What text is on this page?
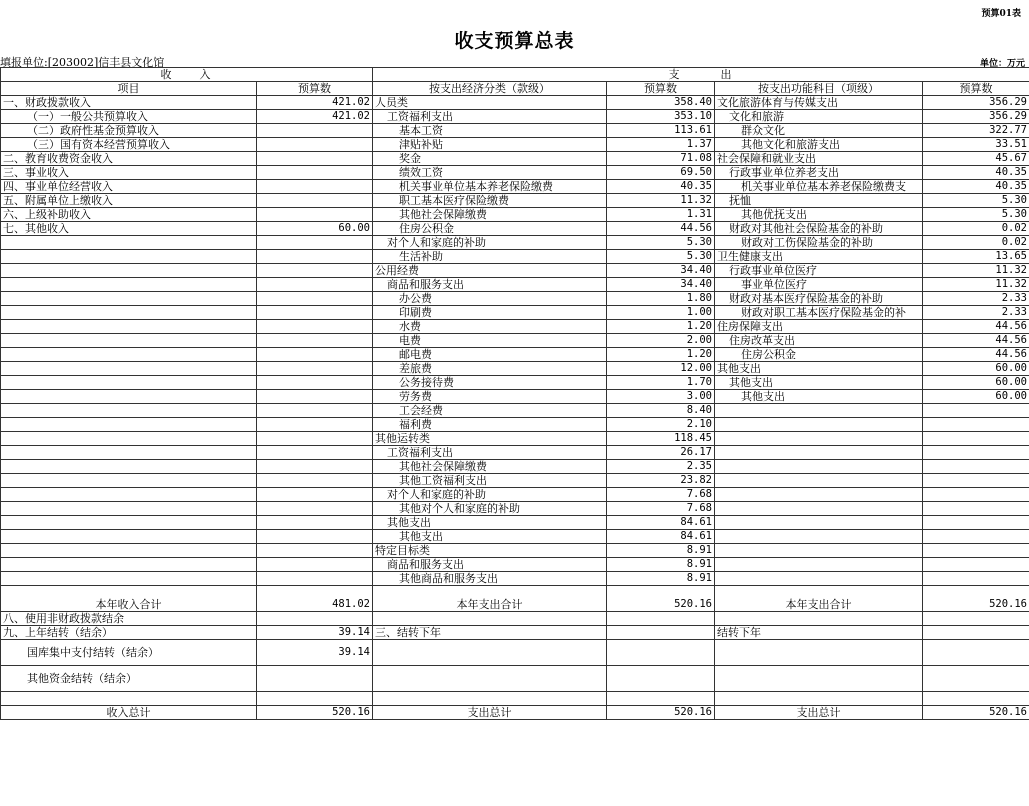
预算01表
收支预算总表
填报单位:[203002]信丰县文化馆	单位：万元
收　　入		支　　　出			
项目	预算数	按支出经济分类（款级）	预算数	按支出功能科目（项级）	预算数
一、财政拨款收入	421.02	人员类	358.40	文化旅游体育与传媒支出	356.29
（一）一般公共预算收入	421.02	工资福利支出	353.10	文化和旅游	356.29
（二）政府性基金预算收入		基本工资	113.61	群众文化	322.77
（三）国有资本经营预算收入		津贴补贴	1.37	其他文化和旅游支出	33.51
二、教育收费资金收入		奖金	71.08	社会保障和就业支出	45.67
三、事业收入		绩效工资	69.50	行政事业单位养老支出	40.35
四、事业单位经营收入		机关事业单位基本养老保险缴费	40.35	机关事业单位基本养老保险缴费支	40.35
五、附属单位上缴收入		职工基本医疗保险缴费	11.32	抚恤	5.30
六、上级补助收入		其他社会保障缴费	1.31	其他优抚支出	5.30
七、其他收入	60.00	住房公积金	44.56	财政对其他社会保险基金的补助	0.02
		对个人和家庭的补助	5.30	财政对工伤保险基金的补助	0.02
		生活补助	5.30	卫生健康支出	13.65
		公用经费	34.40	行政事业单位医疗	11.32
		商品和服务支出	34.40	事业单位医疗	11.32
		办公费	1.80	财政对基本医疗保险基金的补助	2.33
		印刷费	1.00	财政对职工基本医疗保险基金的补	2.33
		水费	1.20	住房保障支出	44.56
		电费	2.00	住房改革支出	44.56
		邮电费	1.20	住房公积金	44.56
		差旅费	12.00	其他支出	60.00
		公务接待费	1.70	其他支出	60.00
		劳务费	3.00	其他支出	60.00
		工会经费	8.40		
		福利费	2.10		
		其他运转类	118.45		
		工资福利支出	26.17		
		其他社会保障缴费	2.35		
		其他工资福利支出	23.82		
		对个人和家庭的补助	7.68		
		其他对个人和家庭的补助	7.68		
		其他支出	84.61		
		其他支出	84.61		
		特定目标类	8.91		
		商品和服务支出	8.91		
		其他商品和服务支出	8.91		
本年收入合计	481.02	本年支出合计	520.16	本年支出合计	520.16
八、使用非财政拨款结余					
九、上年结转（结余）	39.14	三、结转下年		结转下年	
国库集中支付结转（结余）	39.14				
其他资金结转（结余）					

收入总计	520.16	支出总计	520.16	支出总计	520.16
